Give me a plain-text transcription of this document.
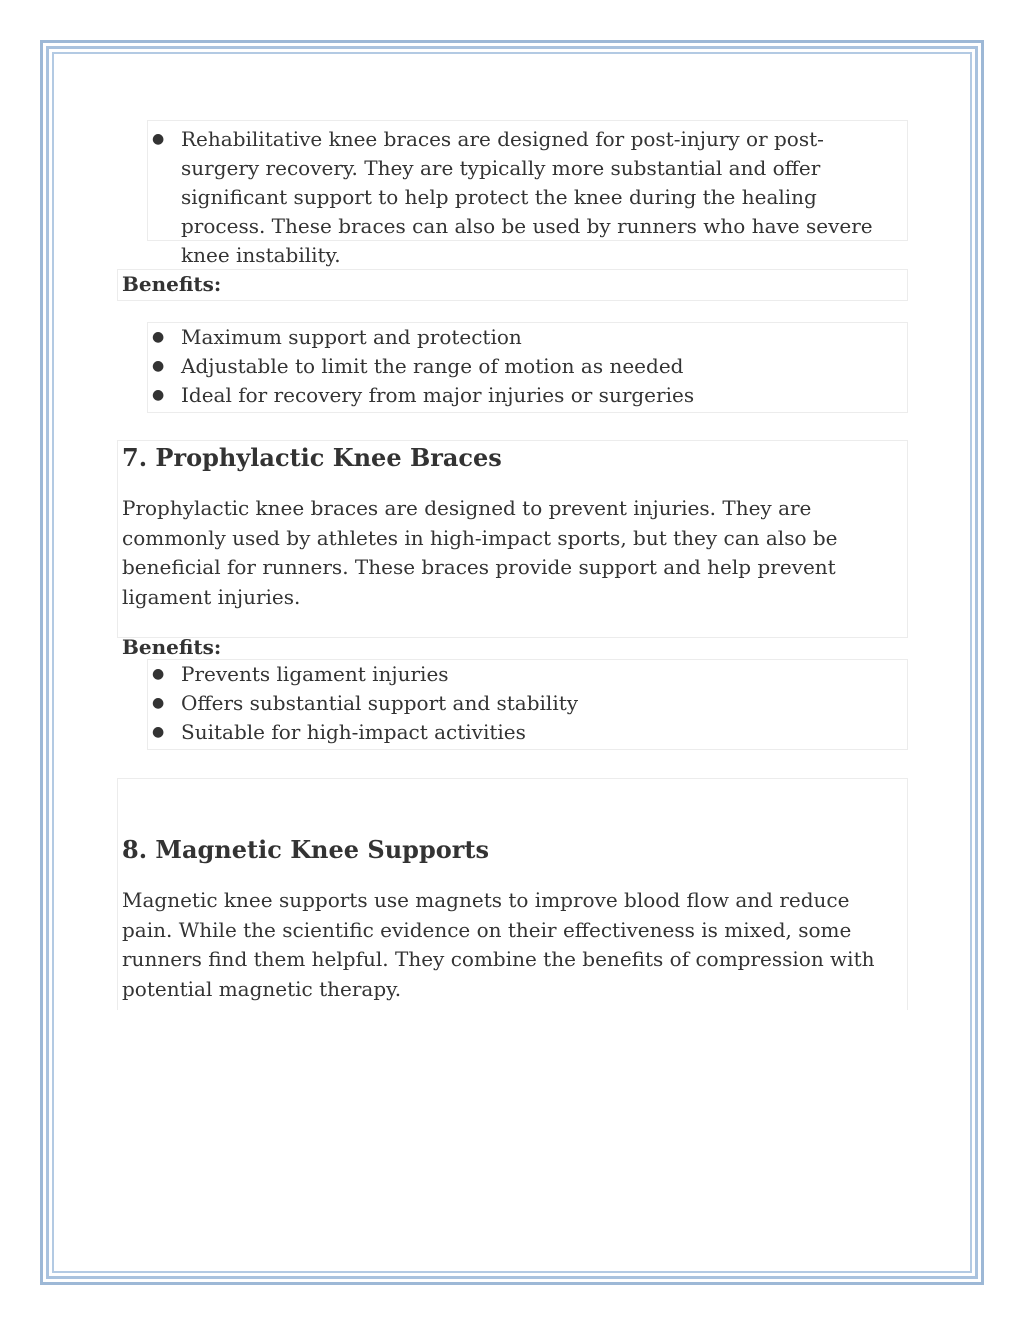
● Rehabilitative knee braces are designed for post-injury or post-surgery recovery. They are typically more substantial and offer significant support to help protect the knee during the healing process. These braces can also be used by runners who have severe knee instability.
Benefits:
● Maximum support and protection
● Adjustable to limit the range of motion as needed
● Ideal for recovery from major injuries or surgeries
7. Prophylactic Knee Braces

Prophylactic knee braces are designed to prevent injuries. They are commonly used by athletes in high-impact sports, but they can also be beneficial for runners. These braces provide support and help prevent ligament injuries.

Benefits:
● Prevents ligament injuries
● Offers substantial support and stability
● Suitable for high-impact activities
8. Magnetic Knee Supports

Magnetic knee supports use magnets to improve blood flow and reduce pain. While the scientific evidence on their effectiveness is mixed, some runners find them helpful. They combine the benefits of compression with potential magnetic therapy.
